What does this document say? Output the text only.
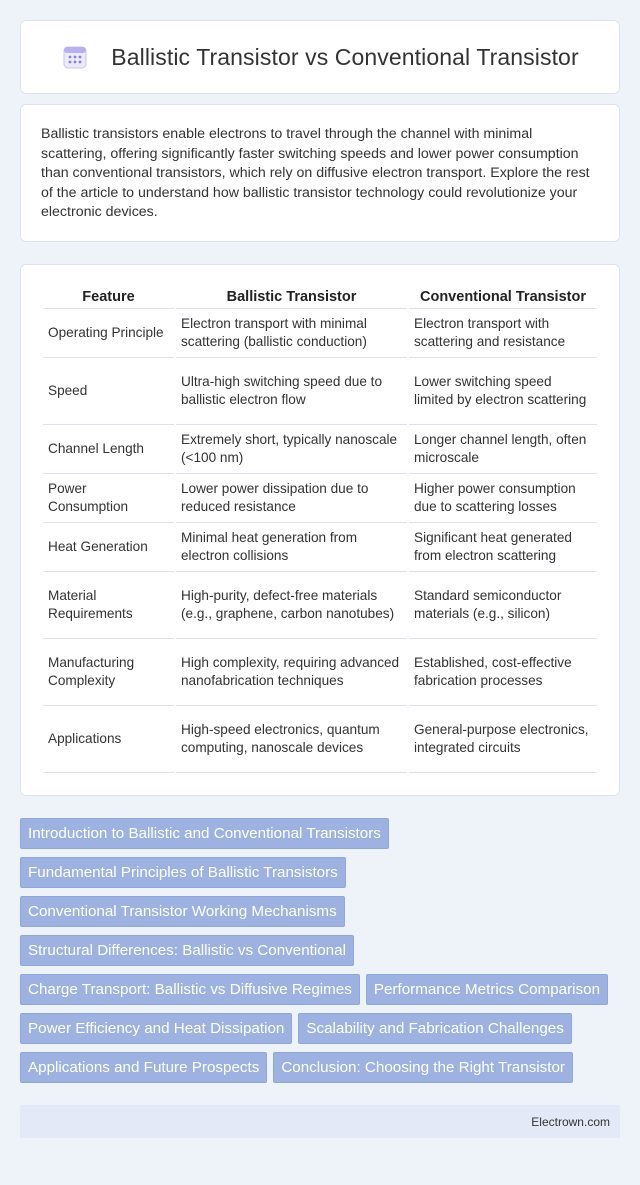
Ballistic Transistor vs Conventional Transistor

Ballistic transistors enable electrons to travel through the channel with minimal scattering, offering significantly faster switching speeds and lower power consumption than conventional transistors, which rely on diffusive electron transport. Explore the rest of the article to understand how ballistic transistor technology could revolutionize your electronic devices.

Feature	Ballistic Transistor	Conventional Transistor
Operating Principle	Electron transport with minimal scattering (ballistic conduction)	Electron transport with scattering and resistance
Speed	Ultra-high switching speed due to ballistic electron flow	Lower switching speed limited by electron scattering
Channel Length	Extremely short, typically nanoscale (<100 nm)	Longer channel length, often microscale
Power Consumption	Lower power dissipation due to reduced resistance	Higher power consumption due to scattering losses
Heat Generation	Minimal heat generation from electron collisions	Significant heat generated from electron scattering
Material Requirements	High-purity, defect-free materials (e.g., graphene, carbon nanotubes)	Standard semiconductor materials (e.g., silicon)
Manufacturing Complexity	High complexity, requiring advanced nanofabrication techniques	Established, cost-effective fabrication processes
Applications	High-speed electronics, quantum computing, nanoscale devices	General-purpose electronics, integrated circuits
Introduction to Ballistic and Conventional Transistors
Fundamental Principles of Ballistic Transistors
Conventional Transistor Working Mechanisms
Structural Differences: Ballistic vs Conventional
Charge Transport: Ballistic vs Diffusive Regimes	Performance Metrics Comparison
Power Efficiency and Heat Dissipation	Scalability and Fabrication Challenges
Applications and Future Prospects	Conclusion: Choosing the Right Transistor
Electrown.com
